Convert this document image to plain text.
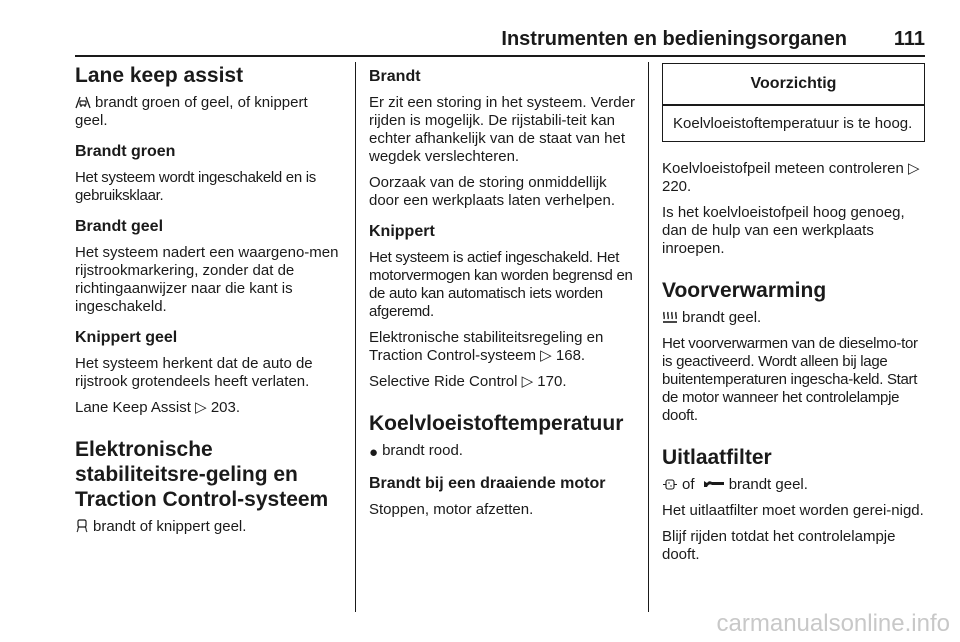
Instrumenten en bedieningsorganen 111
Lane keep assist
brandt groen of geel, of knippert geel.
Brandt groen
Het systeem wordt ingeschakeld en is gebruiksklaar.
Brandt geel
Het systeem nadert een waargeno-men rijstrookmarkering, zonder dat de richtingaanwijzer naar die kant is ingeschakeld.
Knippert geel
Het systeem herkent dat de auto de rijstrook grotendeels heeft verlaten.
Lane Keep Assist ▷ 203.
Elektronische stabiliteitsre-geling en Traction Control-systeem
brandt of knippert geel.
Brandt
Er zit een storing in het systeem. Verder rijden is mogelijk. De rijstabili-teit kan echter afhankelijk van de staat van het wegdek verslechteren.
Oorzaak van de storing onmiddellijk door een werkplaats laten verhelpen.
Knippert
Het systeem is actief ingeschakeld. Het motorvermogen kan worden begrensd en de auto kan automatisch iets worden afgeremd.
Elektronische stabiliteitsregeling en Traction Control-systeem ▷ 168.
Selective Ride Control ▷ 170.
Koelvloeistoftemperatuur
● brandt rood.
Brandt bij een draaiende motor
Stoppen, motor afzetten.
Voorzichtig
Koelvloeistoftemperatuur is te hoog.
Koelvloeistofpeil meteen controleren ▷ 220.
Is het koelvloeistofpeil hoog genoeg, dan de hulp van een werkplaats inroepen.
Voorverwarming
brandt geel.
Het voorverwarmen van de dieselmo-tor is geactiveerd. Wordt alleen bij lage buitentemperaturen ingescha-keld. Start de motor wanneer het controlelampje dooft.
Uitlaatfilter
of brandt geel.
Het uitlaatfilter moet worden gerei-nigd.
Blijf rijden totdat het controlelampje dooft.
carmanualsonline.info
